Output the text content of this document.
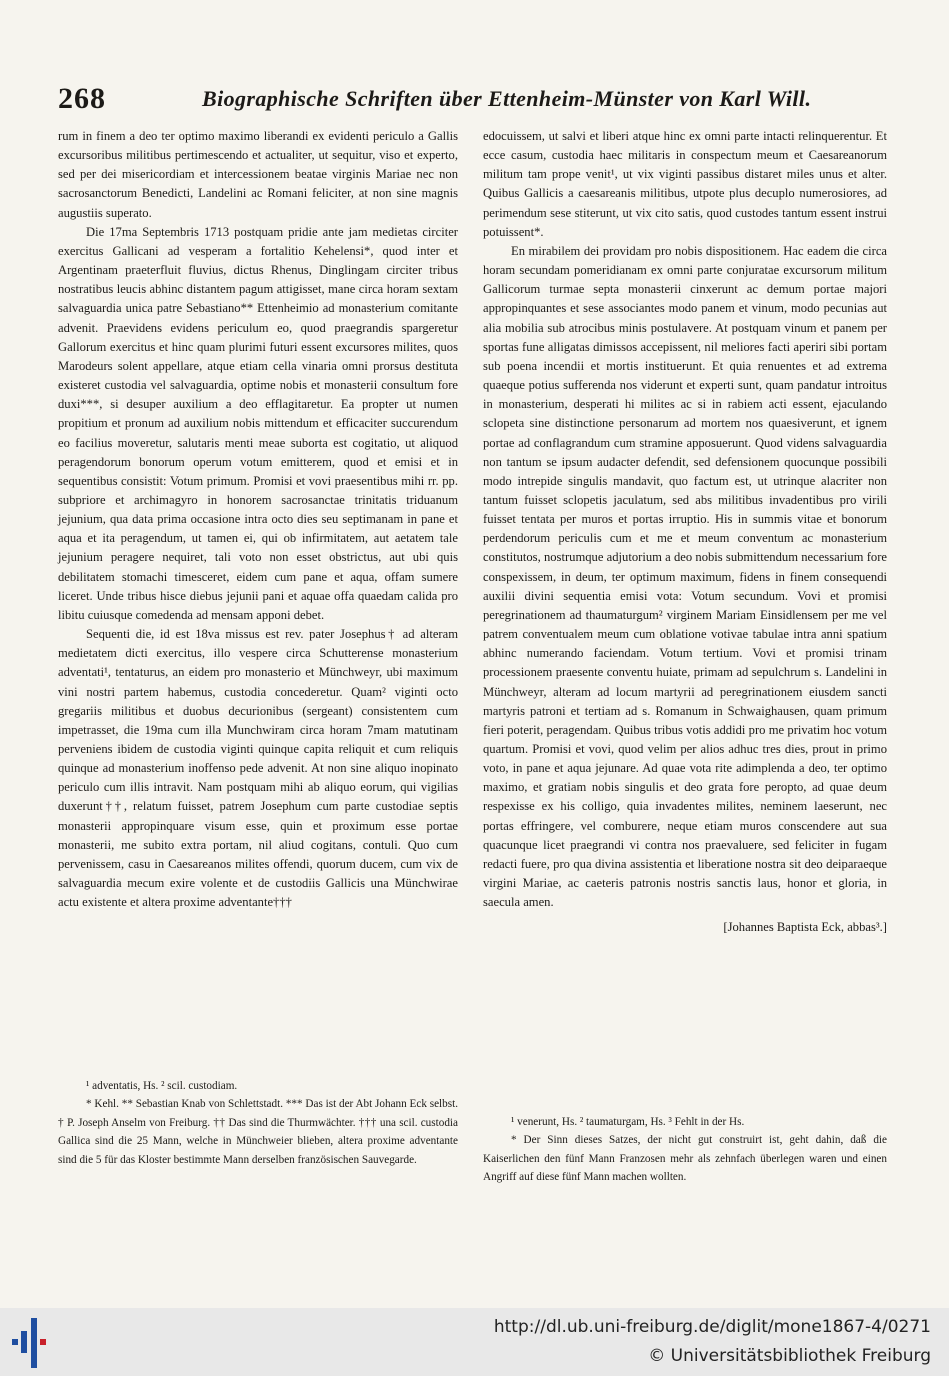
268	Biographische Schriften über Ettenheim-Münster von Karl Will.

rum in finem a deo ter optimo maximo liberandi ex evidenti periculo a Gallis excursoribus militibus pertimescendo et actualiter, ut sequitur, viso et experto, sed per dei misericordiam et intercessionem beatae virginis Mariae nec non sacrosanctorum Benedicti, Landelini ac Romani feliciter, at non sine magnis augustiis superato.

Die 17ma Septembris 1713 postquam pridie ante jam medietas circiter exercitus Gallicani ad vesperam a fortalitio Kehelensi*, quod inter et Argentinam praeterfluit fluvius, dictus Rhenus, Dinglingam circiter tribus nostratibus leucis abhinc distantem pagum attigisset, mane circa horam sextam salvaguardia unica patre Sebastiano** Ettenheimio ad monasterium comitante advenit. Praevidens evidens periculum eo, quod praegrandis spargeretur Gallorum exercitus et hinc quam plurimi futuri essent excursores milites, quos Marodeurs solent appellare, atque etiam cella vinaria omni prorsus destituta existeret custodia vel salvaguardia, optime nobis et monasterii consultum fore duxi***, si desuper auxilium a deo efflagitaretur. Ea propter ut numen propitium et pronum ad auxilium nobis mittendum et efficaciter succurendum eo facilius moveretur, salutaris menti meae suborta est cogitatio, ut aliquod peragendorum bonorum operum votum emitterem, quod et emisi et in sequentibus consistit: Votum primum. Promisi et vovi praesentibus mihi rr. pp. subpriore et archimagyro in honorem sacrosanctae trinitatis triduanum jejunium, qua data prima occasione intra octo dies seu septimanam in pane et aqua et ita peragendum, ut tamen ei, qui ob infirmitatem, aut aetatem tale jejunium peragere nequiret, tali voto non esset obstrictus, aut ubi quis debilitatem stomachi timesceret, eidem cum pane et aqua, offam sumere liceret. Unde tribus hisce diebus jejunii pani et aquae offa quaedam calida pro libitu cuiusque comedenda ad mensam apponi debet.

Sequenti die, id est 18va missus est rev. pater Josephus† ad alteram medietatem dicti exercitus, illo vespere circa Schutterense monasterium adventati¹, tentaturus, an eidem pro monasterio et Münchweyr, ubi maximum vini nostri partem habemus, custodia concederetur. Quam² viginti octo gregariis militibus et duobus decurionibus (sergeant) consistentem cum impetrasset, die 19ma cum illa Munchwiram circa horam 7mam matutinam perveniens ibidem de custodia viginti quinque capita reliquit et cum reliquis quinque ad monasterium inoffenso pede advenit. At non sine aliquo inopinato periculo cum illis intravit. Nam postquam mihi ab aliquo eorum, qui vigilias duxerunt††, relatum fuisset, patrem Josephum cum parte custodiae septis monasterii appropinquare visum esse, quin et proximum esse portae monasterii, me subito extra portam, nil aliud cogitans, contuli. Quo cum pervenissem, casu in Caesareanos milites offendi, quorum ducem, cum vix de salvaguardia mecum exire volente et de custodiis Gallicis una Münchwirae actu existente et altera proxime adventante†††

edocuissem, ut salvi et liberi atque hinc ex omni parte intacti relinquerentur. Et ecce casum, custodia haec militaris in conspectum meum et Caesareanorum militum tam prope venit¹, ut vix viginti passibus distaret miles unus et alter. Quibus Gallicis a caesareanis militibus, utpote plus decuplo numerosiores, ad perimendum sese stiterunt, ut vix cito satis, quod custodes tantum essent instrui potuissent*.

En mirabilem dei providam pro nobis dispositionem. Hac eadem die circa horam secundam pomeridianam ex omni parte conjuratae excursorum militum Gallicorum turmae septa monasterii cinxerunt ac demum portae majori appropinquantes et sese associantes modo panem et vinum, modo pecunias aut alia mobilia sub atrocibus minis postulavere. At postquam vinum et panem per sportas fune alligatas dimissos accepissent, nil meliores facti aperiri sibi portam sub poena incendii et mortis instituerunt. Et quia renuentes et ad extrema quaeque potius sufferenda nos viderunt et experti sunt, quam pandatur introitus in monasterium, desperati hi milites ac si in rabiem acti essent, ejaculando sclopeta sine distinctione personarum ad mortem nos quaesiverunt, et ignem portae ad conflagrandum cum stramine apposuerunt. Quod videns salvaguardia non tantum se ipsum audacter defendit, sed defensionem quocunque possibili modo intrepide singulis mandavit, quo factum est, ut utrinque alacriter non tantum fuisset sclopetis jaculatum, sed abs militibus invadentibus pro virili fuisset tentata per muros et portas irruptio. His in summis vitae et bonorum perdendorum periculis cum et me et meum conventum ac monasterium constitutos, nostrumque adjutorium a deo nobis submittendum necessarium fore conspexissem, in deum, ter optimum maximum, fidens in finem consequendi auxilii divini sequentia emisi vota: Votum secundum. Vovi et promisi peregrinationem ad thaumaturgum² virginem Mariam Einsidlensem per me vel patrem conventualem meum cum oblatione votivae tabulae intra anni spatium abhinc numerando faciendam. Votum tertium. Vovi et promisi trinam processionem praesente conventu huiate, primam ad sepulchrum s. Landelini in Münchweyr, alteram ad locum martyrii ad peregrinationem eiusdem sancti martyris patroni et tertiam ad s. Romanum in Schwaighausen, quam primum fieri poterit, peragendam. Quibus tribus votis addidi pro me privatim hoc votum quartum. Promisi et vovi, quod velim per alios adhuc tres dies, prout in primo voto, in pane et aqua jejunare. Ad quae vota rite adimplenda a deo, ter optimo maximo, et gratiam nobis singulis et deo grata fore peropto, ad quae deum respexisse ex his colligo, quia invadentes milites, neminem laeserunt, nec portas effringere, vel comburere, neque etiam muros conscendere aut sua quacunque licet praegrandi vi contra nos praevaluere, sed feliciter in fugam redacti fuere, pro qua divina assistentia et liberatione nostra sit deo deiparaeque virgini Mariae, ac caeteris patronis nostris sanctis laus, honor et gloria, in saecula amen.

[Johannes Baptista Eck, abbas³.]

¹ adventatis, Hs. ² scil. custodiam.

* Kehl. ** Sebastian Knab von Schlettstadt. *** Das ist der Abt Johann Eck selbst. † P. Joseph Anselm von Freiburg. †† Das sind die Thurmwächter. ††† una scil. custodia Gallica sind die 25 Mann, welche in Münchweier blieben, altera proxime adventante sind die 5 für das Kloster bestimmte Mann derselben französischen Sauvegarde.

¹ venerunt, Hs. ² taumaturgam, Hs. ³ Fehlt in der Hs.

* Der Sinn dieses Satzes, der nicht gut construirt ist, geht dahin, daß die Kaiserlichen den fünf Mann Franzosen mehr als zehnfach überlegen waren und einen Angriff auf diese fünf Mann machen wollten.

http://dl.ub.uni-freiburg.de/diglit/mone1867-4/0271
© Universitätsbibliothek Freiburg
